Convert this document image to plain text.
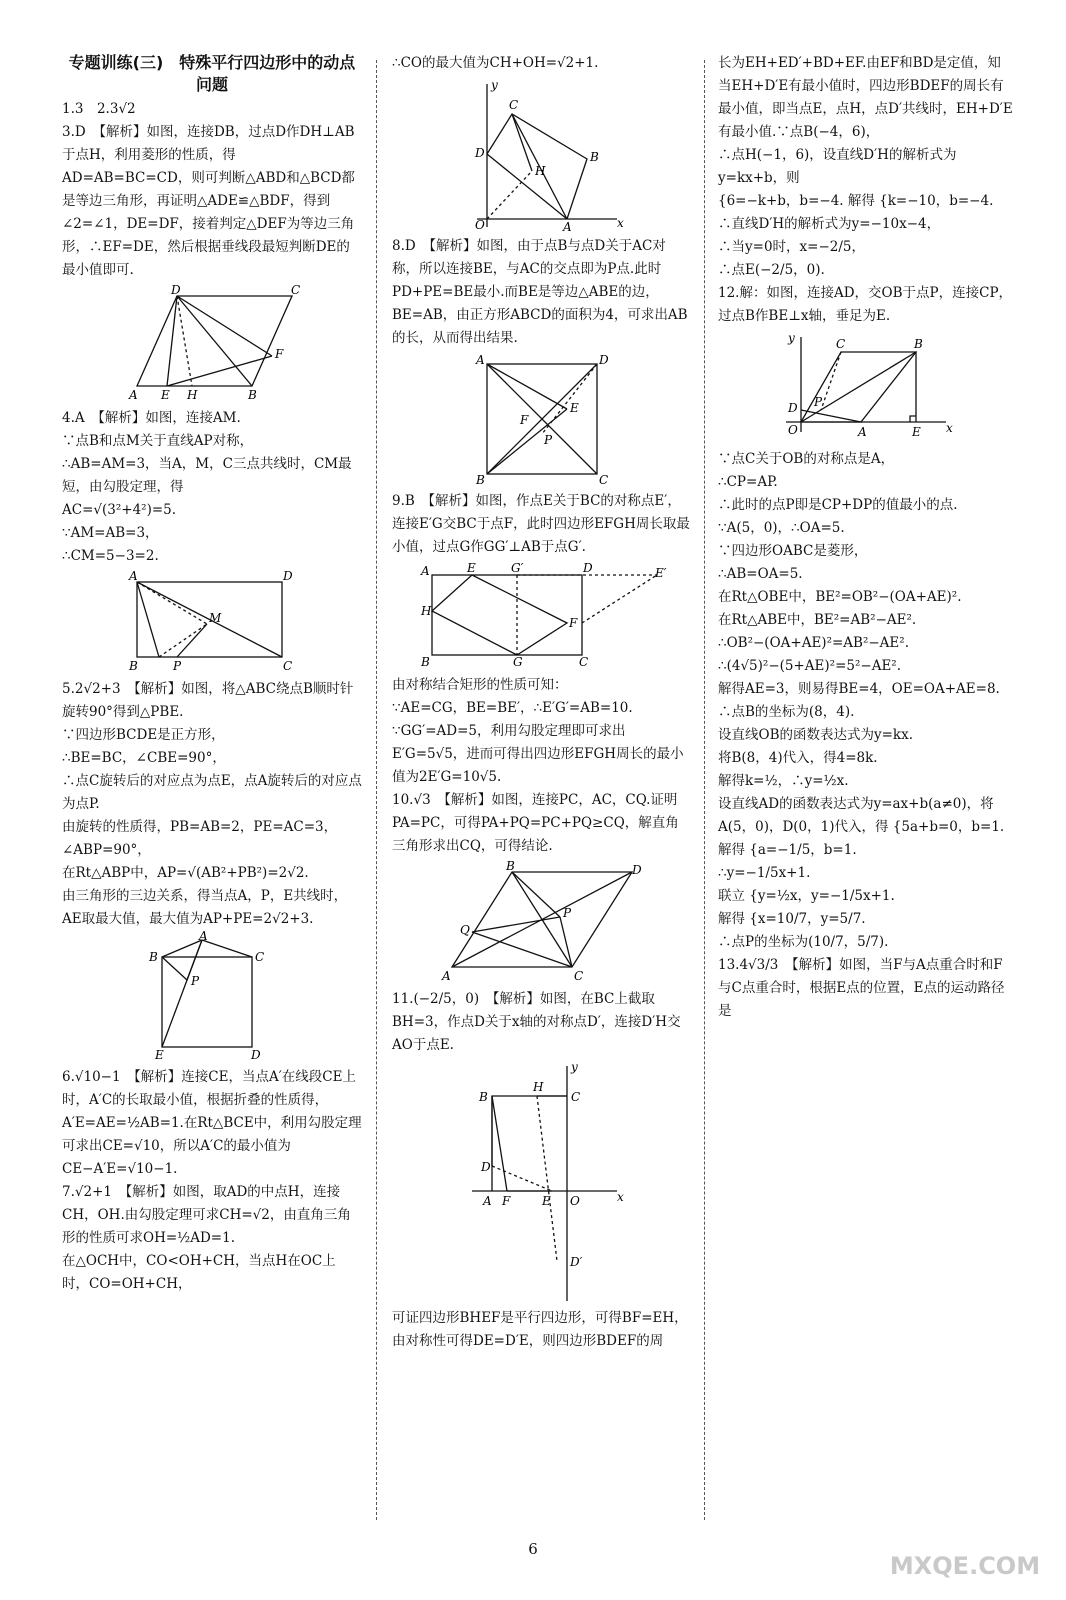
专题训练(三)　特殊平行四边形中的动点问题

1.3　2.3√2

3.D　【解析】如图，连接DB，过点D作DH⊥AB于点H，利用菱形的性质，得AD=AB=BC=CD，则可判断△ABD和△BCD都是等边三角形，再证明△ADE≌△BDF，得到∠2=∠1，DE=DF，接着判定△DEF为等边三角形，∴EF=DE，然后根据垂线段最短判断DE的最小值即可.

A E H	B
F
C
D

4.A　【解析】如图，连接AM.

∵点B和点M关于直线AP对称，

∴AB=AM=3，当A，M，C三点共线时，CM最短，由勾股定理，得

AC=√(3²+4²)=5.

∵AM=AB=3，

∴CM=5−3=2.

A	D
M
P
B	C

5.2√2+3　【解析】如图，将△ABC绕点B顺时针旋转90°得到△PBE.

∵四边形BCDE是正方形，

∴BE=BC，∠CBE=90°，

∴点C旋转后的对应点为点E，点A旋转后的对应点为点P.

由旋转的性质得，PB=AB=2，PE=AC=3，∠ABP=90°，

在Rt△ABP中，AP=√(AB²+PB²)=2√2.

由三角形的三边关系，得当点A，P，E共线时，AE取最大值，最大值为AP+PE=2√2+3.

B	C
A
P
E	D

6.√10−1　【解析】连接CE，当点A′在线段CE上时，A′C的长取最小值，根据折叠的性质得，

A′E=AE=½AB=1.在Rt△BCE中，利用勾股定理可求出CE=√10，所以A′C的最小值为CE−A′E=√10−1.

7.√2+1　【解析】如图，取AD的中点H，连接CH，OH.由勾股定理可求CH=√2，由直角三角形的性质可求OH=½AD=1.

在△OCH中，CO<OH+CH，当点H在OC上时，CO=OH+CH，

∴CO的最大值为CH+OH=√2+1.

y
x
O	A
B
C
D
H

8.D　【解析】如图，由于点B与点D关于AC对称，所以连接BE，与AC的交点即为P点.此时PD+PE=BE最小.而BE是等边△ABE的边，BE=AB，由正方形ABCD的面积为4，可求出AB的长，从而得出结果.

A	D
B	C
E
F
P

9.B　【解析】如图，作点E关于BC的对称点E′，连接E′G交BC于点F，此时四边形EFGH周长取最小值，过点G作GG′⊥AB于点G′.

A	E	G′	D
H
F
B	G	C
E′

由对称结合矩形的性质可知：

∵AE=CG，BE=BE′，∴E′G′=AB=10.

∵GG′=AD=5，利用勾股定理即可求出E′G=5√5，进而可得出四边形EFGH周长的最小值为2E′G=10√5.

10.√3　【解析】如图，连接PC，AC，CQ.证明PA=PC，可得PA+PQ=PC+PQ≥CQ，解直角三角形求出CQ，可得结论.

A
B
C
D
P
Q

11.(−2/5，0)　【解析】如图，在BC上截取BH=3，作点D关于x轴的对称点D′，连接D′H交AO于点E.

y
x
B
H
C
A F	E O
D
D′

可证四边形BHEF是平行四边形，可得BF=EH，由对称性可得DE=D′E，则四边形BDEF的周

长为EH+ED′+BD+EF.由EF和BD是定值，知当EH+D′E有最小值时，四边形BDEF的周长有最小值，即当点E，点H，点D′共线时，EH+D′E有最小值.∵点B(−4，6)，

∴点H(−1，6)，设直线D′H的解析式为y=kx+b，则

{6=−k+b，b=−4. 解得 {k=−10，b=−4.

∴直线D′H的解析式为y=−10x−4，

∴当y=0时，x=−2/5，

∴点E(−2/5，0).

12.解：如图，连接AD，交OB于点P，连接CP，过点B作BE⊥x轴，垂足为E.

y
x
C	B
D P
O	A	E

∵点C关于OB的对称点是A，

∴CP=AP.

∴此时的点P即是CP+DP的值最小的点.

∵A(5，0)，∴OA=5.

∵四边形OABC是菱形，

∴AB=OA=5.

在Rt△OBE中，BE²=OB²−(OA+AE)².

在Rt△ABE中，BE²=AB²−AE².

∴OB²−(OA+AE)²=AB²−AE².

∴(4√5)²−(5+AE)²=5²−AE².

解得AE=3，则易得BE=4，OE=OA+AE=8.

∴点B的坐标为(8，4).

设直线OB的函数表达式为y=kx.

将B(8，4)代入，得4=8k.

解得k=½，∴y=½x.

设直线AD的函数表达式为y=ax+b(a≠0)，将A(5，0)，D(0，1)代入，得 {5a+b=0，b=1. 解得 {a=−1/5，b=1.

∴y=−1/5x+1.

联立 {y=½x，y=−1/5x+1.

解得 {x=10/7，y=5/7.

∴点P的坐标为(10/7，5/7).

13.4√3/3　【解析】如图，当F与A点重合时和F与C点重合时，根据E点的位置，E点的运动路径是

6
MXQE.COM
